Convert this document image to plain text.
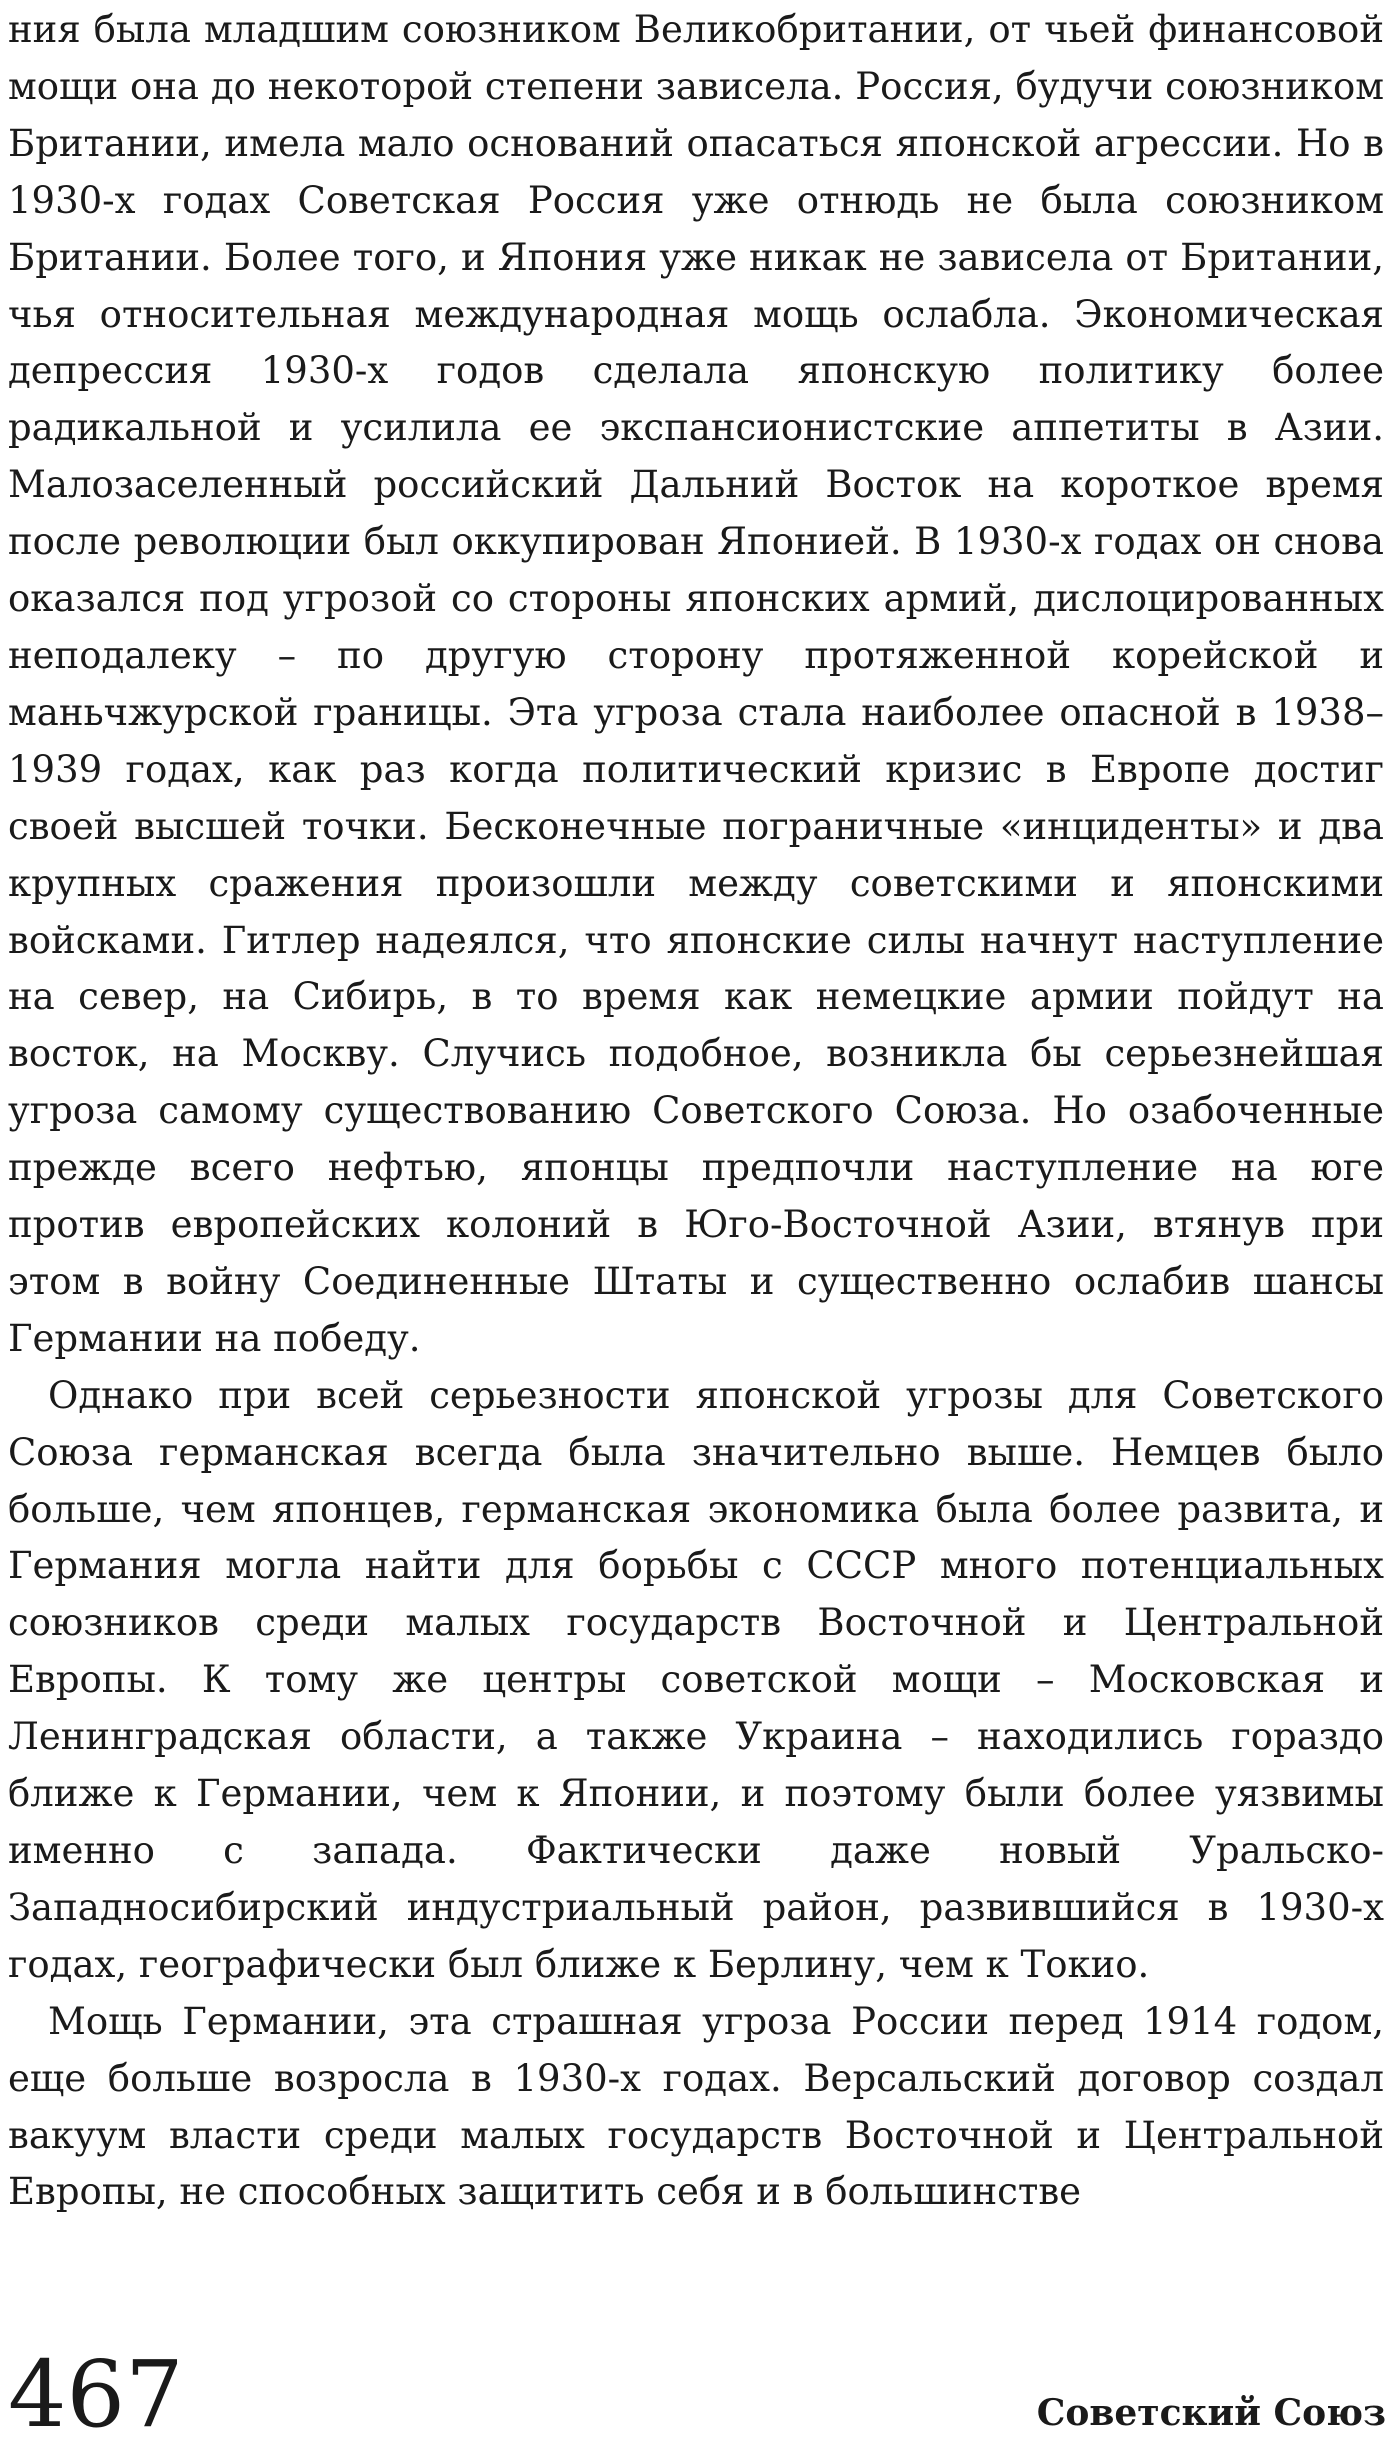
ния была младшим союзником Великобритании, от чьей финансовой мощи она до некоторой степени зависела. Россия, будучи союзником Британии, имела мало оснований опасаться японской агрессии. Но в 1930-х годах Советская Россия уже отнюдь не была союзником Британии. Более того, и Япония уже никак не зависела от Британии, чья относительная международная мощь ослабла. Экономическая депрессия 1930-х годов сделала японскую политику более радикальной и усилила ее экспансионистские аппетиты в Азии. Малозаселенный российский Дальний Восток на короткое время после революции был оккупирован Японией. В 1930-х годах он снова оказался под угрозой со стороны японских армий, дислоцированных неподалеку – по другую сторону протяженной корейской и маньчжурской границы. Эта угроза стала наиболее опасной в 1938–1939 годах, как раз когда политический кризис в Европе достиг своей высшей точки. Бесконечные пограничные «инциденты» и два крупных сражения произошли между советскими и японскими войсками. Гитлер надеялся, что японские силы начнут наступление на север, на Сибирь, в то время как немецкие армии пойдут на восток, на Москву. Случись подобное, возникла бы серьезнейшая угроза самому существованию Советского Союза. Но озабоченные прежде всего нефтью, японцы предпочли наступление на юге против европейских колоний в Юго-Восточной Азии, втянув при этом в войну Соединенные Штаты и существенно ослабив шансы Германии на победу.

Однако при всей серьезности японской угрозы для Советского Союза германская всегда была значительно выше. Немцев было больше, чем японцев, германская экономика была более развита, и Германия могла найти для борьбы с СССР много потенциальных союзников среди малых государств Восточной и Центральной Европы. К тому же центры советской мощи – Московская и Ленинградская области, а также Украина – находились гораздо ближе к Германии, чем к Японии, и поэтому были более уязвимы именно с запада. Фактически даже новый Уральско-Западносибирский индустриальный район, развившийся в 1930-х годах, географически был ближе к Берлину, чем к Токио.

Мощь Германии, эта страшная угроза России перед 1914 годом, еще больше возросла в 1930-х годах. Версальский договор создал вакуум власти среди малых государств Восточной и Центральной Европы, не способных защитить себя и в большинстве

467	Советский Союз
